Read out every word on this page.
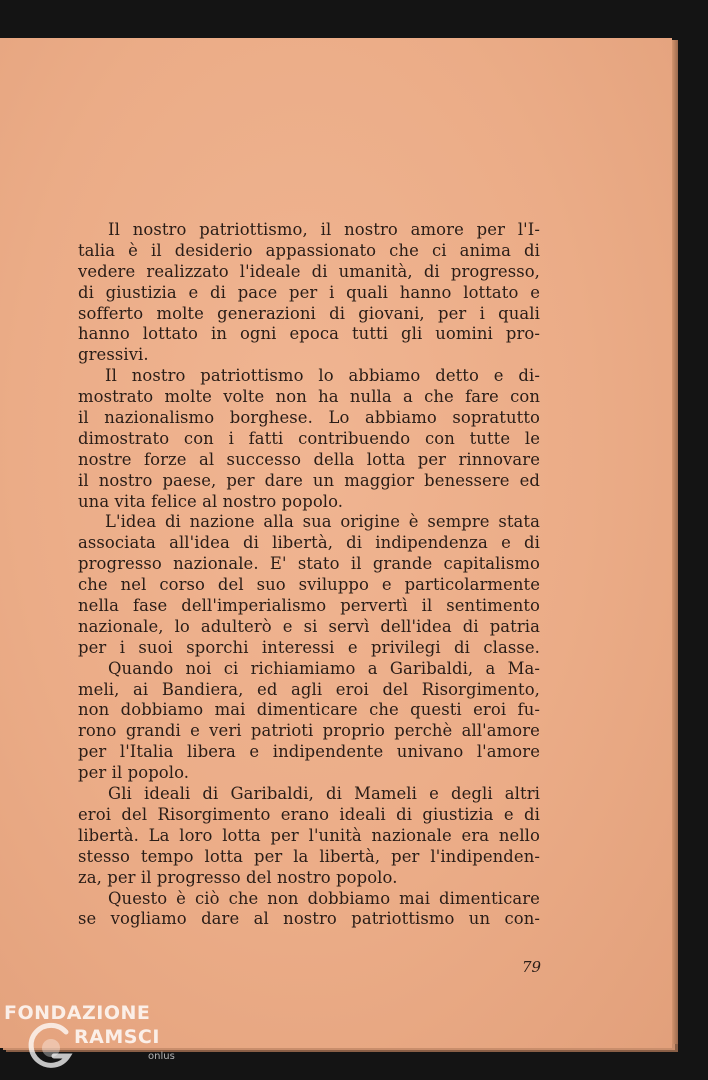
Il nostro patriottismo, il nostro amore per l'I-
talia è il desiderio appassionato che ci anima di
vedere realizzato l'ideale di umanità, di progresso,
di giustizia e di pace per i quali hanno lottato e
sofferto molte generazioni di giovani, per i quali
hanno lottato in ogni epoca tutti gli uomini pro-
gressivi.

Il nostro patriottismo lo abbiamo detto e di-
mostrato molte volte non ha nulla a che fare con
il nazionalismo borghese. Lo abbiamo sopratutto
dimostrato con i fatti contribuendo con tutte le
nostre forze al successo della lotta per rinnovare
il nostro paese, per dare un maggior benessere ed
una vita felice al nostro popolo.

L'idea di nazione alla sua origine è sempre stata
associata all'idea di libertà, di indipendenza e di
progresso nazionale. E' stato il grande capitalismo
che nel corso del suo sviluppo e particolarmente
nella fase dell'imperialismo pervertì il sentimento
nazionale, lo adulterò e si servì dell'idea di patria
per i suoi sporchi interessi e privilegi di classe.

Quando noi ci richiamiamo a Garibaldi, a Ma-
meli, ai Bandiera, ed agli eroi del Risorgimento,
non dobbiamo mai dimenticare che questi eroi fu-
rono grandi e veri patrioti proprio perchè all'amore
per l'Italia libera e indipendente univano l'amore
per il popolo.

Gli ideali di Garibaldi, di Mameli e degli altri
eroi del Risorgimento erano ideali di giustizia e di
libertà. La loro lotta per l'unità nazionale era nello
stesso tempo lotta per la libertà, per l'indipenden-
za, per il progresso del nostro popolo.

Questo è ciò che non dobbiamo mai dimenticare
se vogliamo dare al nostro patriottismo un con-

79
FONDAZIONE
RAMSCI
onlus
